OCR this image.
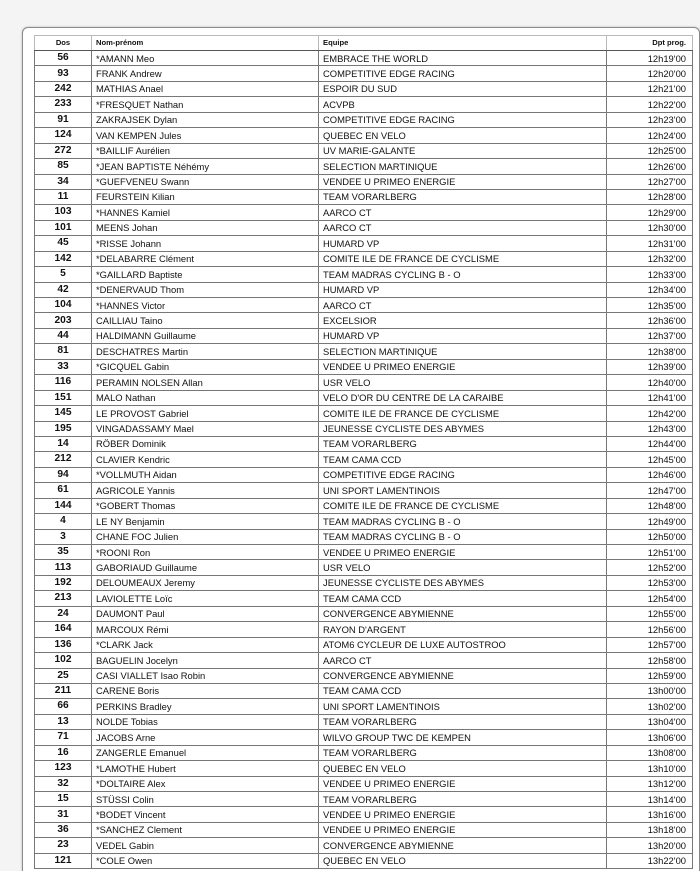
Dos	Nom-prénom	Equipe	Dpt prog.
56	*AMANN Meo	EMBRACE THE WORLD	12h19'00
93	FRANK Andrew	COMPETITIVE EDGE RACING	12h20'00
242	MATHIAS Anael	ESPOIR DU SUD	12h21'00
233	*FRESQUET Nathan	ACVPB	12h22'00
91	ZAKRAJSEK Dylan	COMPETITIVE EDGE RACING	12h23'00
124	VAN KEMPEN Jules	QUEBEC EN VELO	12h24'00
272	*BAILLIF Aurélien	UV MARIE-GALANTE	12h25'00
85	*JEAN BAPTISTE Néhémy	SELECTION MARTINIQUE	12h26'00
34	*GUEFVENEU Swann	VENDEE U PRIMEO ENERGIE	12h27'00
11	FEURSTEIN Kilian	TEAM VORARLBERG	12h28'00
103	*HANNES Kamiel	AARCO CT	12h29'00
101	MEENS Johan	AARCO CT	12h30'00
45	*RISSE Johann	HUMARD VP	12h31'00
142	*DELABARRE Clément	COMITE ILE DE FRANCE DE CYCLISME	12h32'00
5	*GAILLARD Baptiste	TEAM MADRAS CYCLING B - O	12h33'00
42	*DENERVAUD Thom	HUMARD VP	12h34'00
104	*HANNES Victor	AARCO CT	12h35'00
203	CAILLIAU Taino	EXCELSIOR	12h36'00
44	HALDIMANN Guillaume	HUMARD VP	12h37'00
81	DESCHATRES Martin	SELECTION MARTINIQUE	12h38'00
33	*GICQUEL Gabin	VENDEE U PRIMEO ENERGIE	12h39'00
116	PERAMIN NOLSEN Allan	USR VELO	12h40'00
151	MALO Nathan	VELO D'OR DU CENTRE DE LA CARAIBE	12h41'00
145	LE PROVOST Gabriel	COMITE ILE DE FRANCE DE CYCLISME	12h42'00
195	VINGADASSAMY Mael	JEUNESSE CYCLISTE DES ABYMES	12h43'00
14	RÖBER Dominik	TEAM VORARLBERG	12h44'00
212	CLAVIER Kendric	TEAM CAMA CCD	12h45'00
94	*VOLLMUTH Aidan	COMPETITIVE EDGE RACING	12h46'00
61	AGRICOLE Yannis	UNI SPORT LAMENTINOIS	12h47'00
144	*GOBERT Thomas	COMITE ILE DE FRANCE DE CYCLISME	12h48'00
4	LE NY Benjamin	TEAM MADRAS CYCLING B - O	12h49'00
3	CHANE FOC Julien	TEAM MADRAS CYCLING B - O	12h50'00
35	*ROONI Ron	VENDEE U PRIMEO ENERGIE	12h51'00
113	GABORIAUD Guillaume	USR VELO	12h52'00
192	DELOUMEAUX Jeremy	JEUNESSE CYCLISTE DES ABYMES	12h53'00
213	LAVIOLETTE Loïc	TEAM CAMA CCD	12h54'00
24	DAUMONT Paul	CONVERGENCE ABYMIENNE	12h55'00
164	MARCOUX Rémi	RAYON D'ARGENT	12h56'00
136	*CLARK Jack	ATOM6 CYCLEUR DE LUXE AUTOSTROO	12h57'00
102	BAGUELIN Jocelyn	AARCO CT	12h58'00
25	CASI VIALLET Isao Robin	CONVERGENCE ABYMIENNE	12h59'00
211	CARENE Boris	TEAM CAMA CCD	13h00'00
66	PERKINS Bradley	UNI SPORT LAMENTINOIS	13h02'00
13	NOLDE Tobias	TEAM VORARLBERG	13h04'00
71	JACOBS Arne	WILVO GROUP TWC DE KEMPEN	13h06'00
16	ZANGERLE Emanuel	TEAM VORARLBERG	13h08'00
123	*LAMOTHE Hubert	QUEBEC EN VELO	13h10'00
32	*DOLTAIRE Alex	VENDEE U PRIMEO ENERGIE	13h12'00
15	STÜSSI Colin	TEAM VORARLBERG	13h14'00
31	*BODET Vincent	VENDEE U PRIMEO ENERGIE	13h16'00
36	*SANCHEZ Clement	VENDEE U PRIMEO ENERGIE	13h18'00
23	VEDEL Gabin	CONVERGENCE ABYMIENNE	13h20'00
121	*COLE Owen	QUEBEC EN VELO	13h22'00
